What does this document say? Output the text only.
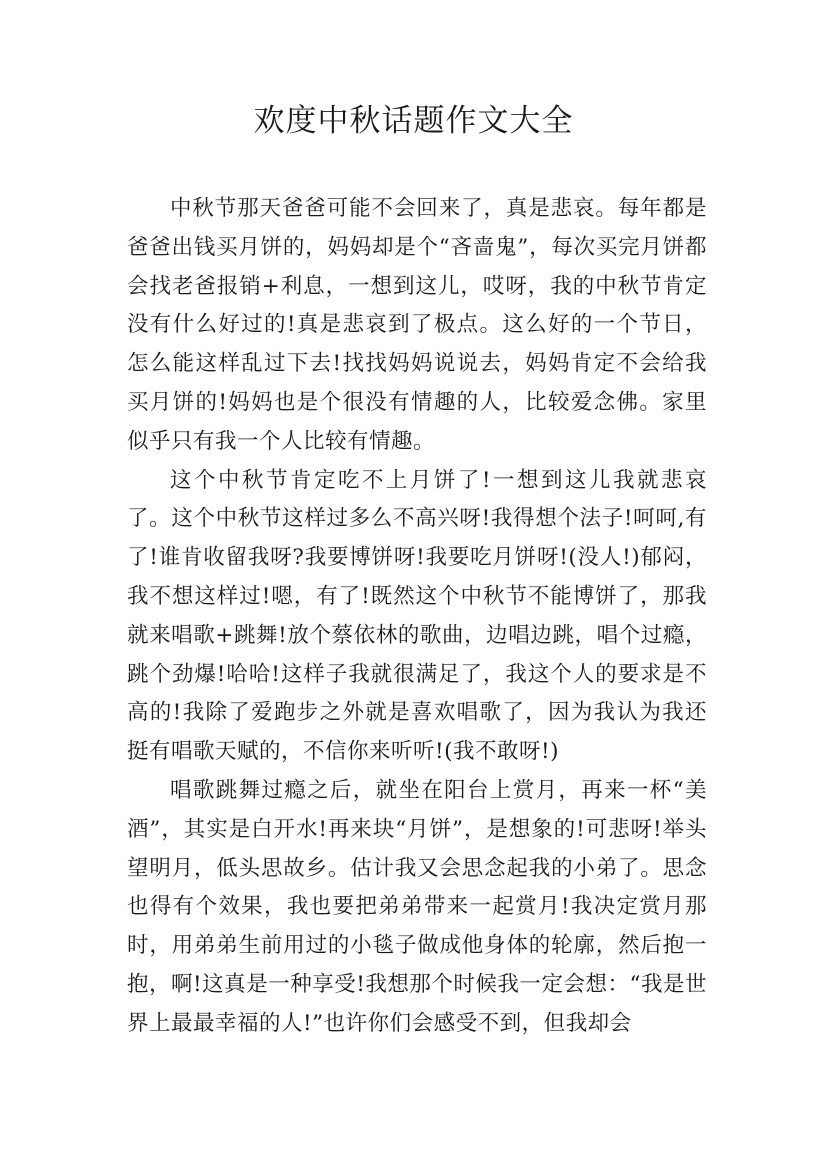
欢度中秋话题作文大全

中秋节那天爸爸可能不会回来了，真是悲哀。每年都是爸爸出钱买月饼的，妈妈却是个“吝啬鬼”，每次买完月饼都会找老爸报销+利息，一想到这儿，哎呀，我的中秋节肯定没有什么好过的!真是悲哀到了极点。这么好的一个节日，怎么能这样乱过下去!找找妈妈说说去，妈妈肯定不会给我买月饼的!妈妈也是个很没有情趣的人，比较爱念佛。家里似乎只有我一个人比较有情趣。

这个中秋节肯定吃不上月饼了!一想到这儿我就悲哀了。这个中秋节这样过多么不高兴呀!我得想个法子!呵呵,有了!谁肯收留我呀?我要博饼呀!我要吃月饼呀!(没人!)郁闷，我不想这样过!嗯，有了!既然这个中秋节不能博饼了，那我就来唱歌+跳舞!放个蔡依林的歌曲，边唱边跳，唱个过瘾，跳个劲爆!哈哈!这样子我就很满足了，我这个人的要求是不高的!我除了爱跑步之外就是喜欢唱歌了，因为我认为我还挺有唱歌天赋的，不信你来听听!(我不敢呀!)

唱歌跳舞过瘾之后，就坐在阳台上赏月，再来一杯“美酒”，其实是白开水!再来块“月饼”，是想象的!可悲呀!举头望明月，低头思故乡。估计我又会思念起我的小弟了。思念也得有个效果，我也要把弟弟带来一起赏月!我决定赏月那时，用弟弟生前用过的小毯子做成他身体的轮廓，然后抱一抱，啊!这真是一种享受!我想那个时候我一定会想：“我是世界上最最幸福的人!”也许你们会感受不到，但我却会
